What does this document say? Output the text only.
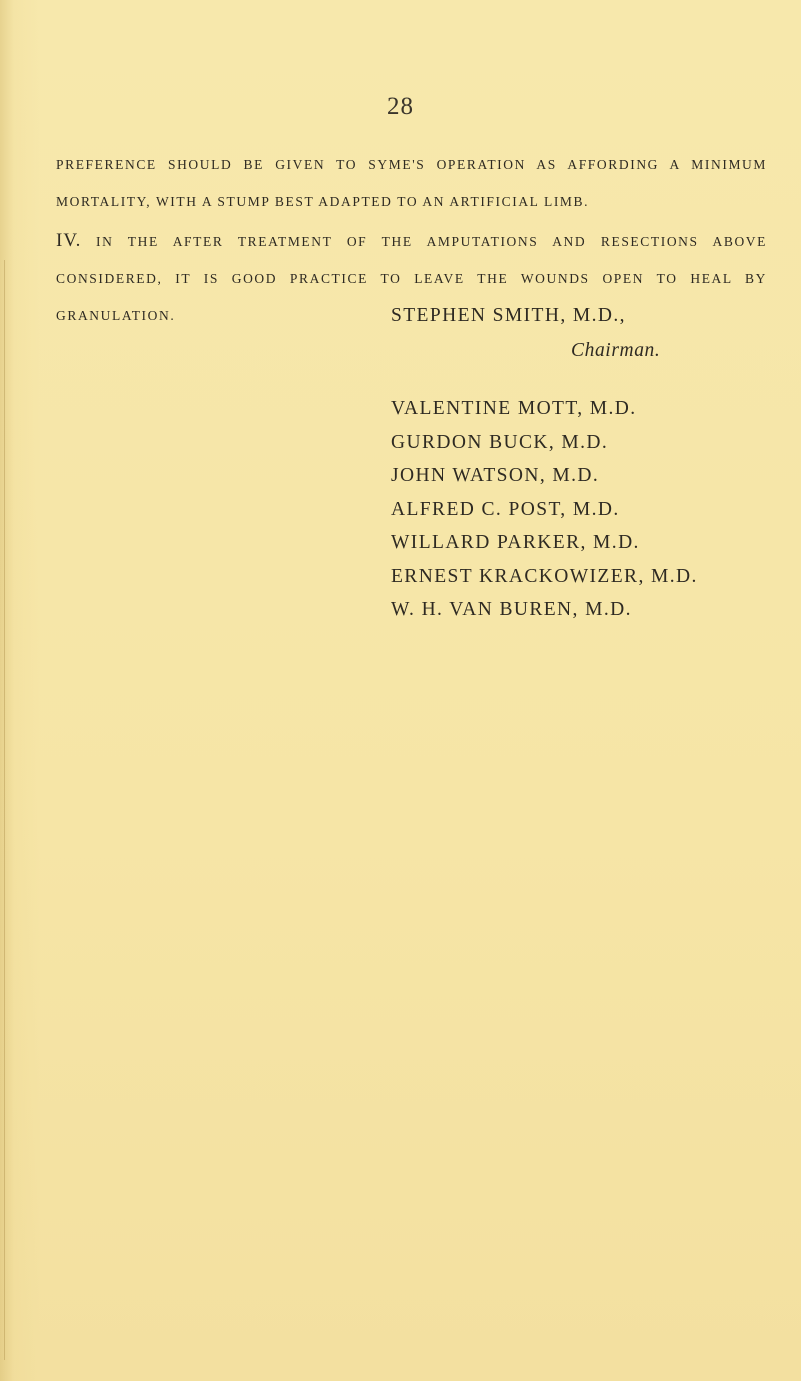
28
PREFERENCE SHOULD BE GIVEN TO SYME'S OPERATION AS AFFORDING A MINIMUM
MORTALITY, WITH A STUMP BEST ADAPTED TO AN ARTIFICIAL LIMB.
IV. IN THE AFTER TREATMENT OF THE AMPUTATIONS AND RESECTIONS ABOVE CONSIDERED, IT IS GOOD PRACTICE TO LEAVE THE WOUNDS OPEN TO HEAL BY
GRANULATION.	STEPHEN SMITH, M.D.,
Chairman.
VALENTINE MOTT, M.D.
GURDON BUCK, M.D.
JOHN WATSON, M.D.
ALFRED C. POST, M.D.
WILLARD PARKER, M.D.
ERNEST KRACKOWIZER, M.D.
W. H. VAN BUREN, M.D.
